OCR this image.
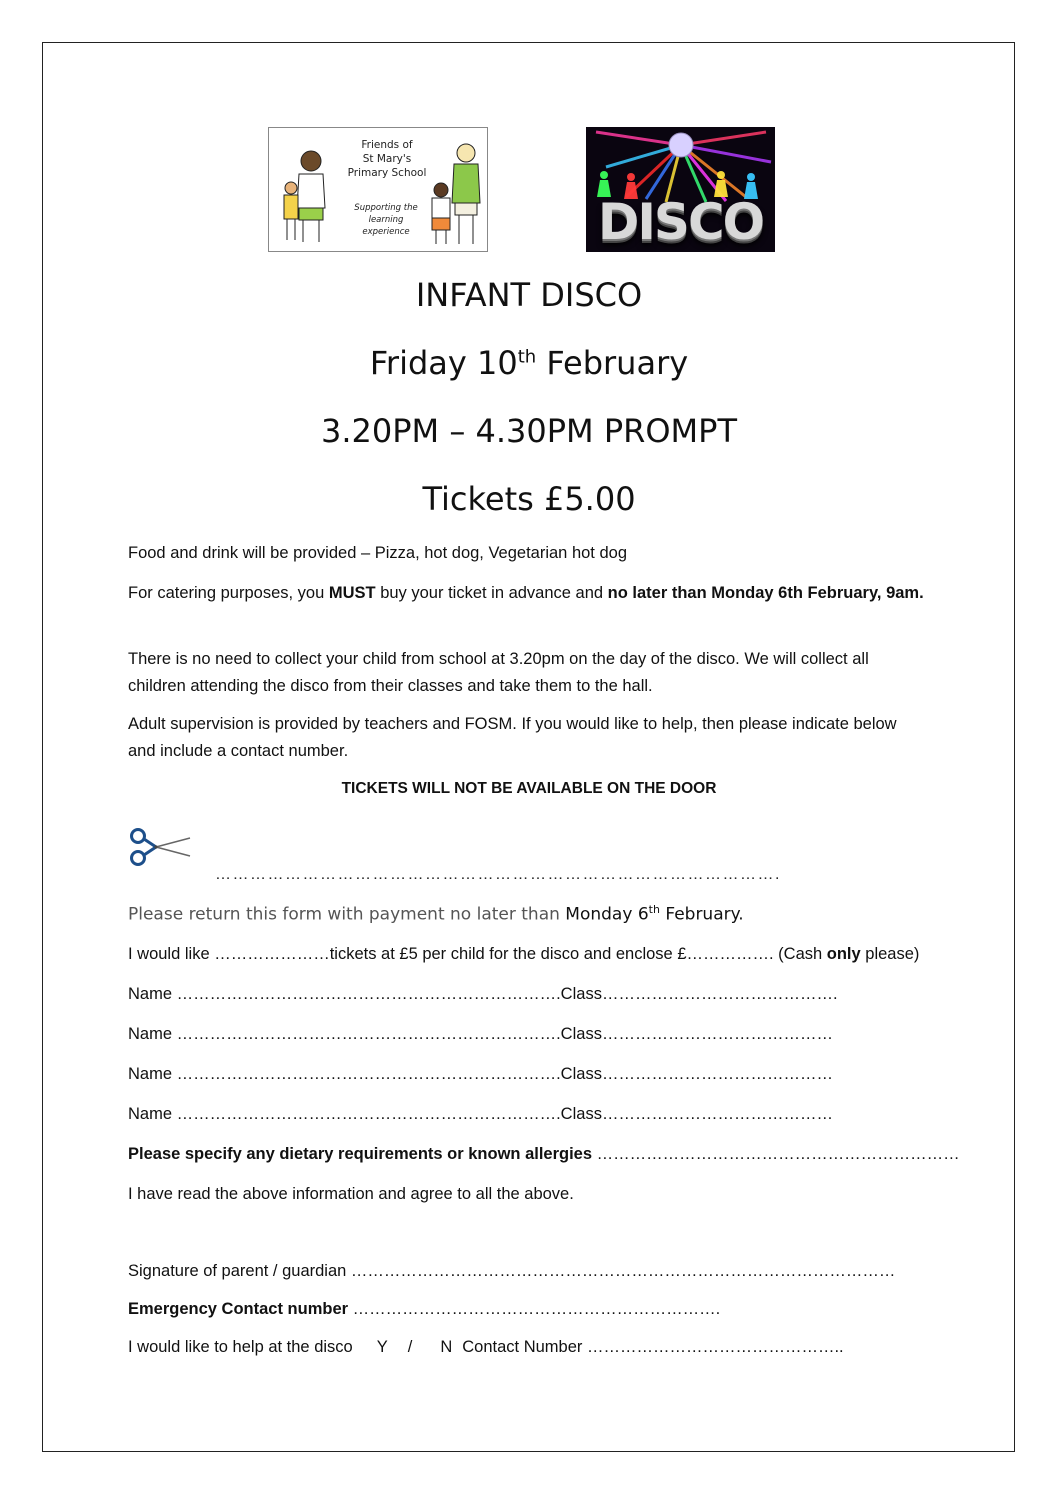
Friends of
St Mary's
Primary School
Supporting the
learning experience	DISCO
INFANT DISCO
Friday 10th February
3.20PM – 4.30PM PROMPT
Tickets £5.00
Food and drink will be provided – Pizza, hot dog, Vegetarian hot dog
For catering purposes, you MUST buy your ticket in advance and no later than Monday 6th February, 9am.
There is no need to collect your child from school at 3.20pm on the day of the disco. We will collect all children attending the disco from their classes and take them to the hall.
Adult supervision is provided by teachers and FOSM. If you would like to help, then please indicate below and include a contact number.
TICKETS WILL NOT BE AVAILABLE ON THE DOOR
…………………………………………………………………………………….
Please return this form with payment no later than Monday 6th February.
I would like …………………tickets at £5 per child for the disco and enclose £……………. (Cash only please)
Name …………………………………………………………….Class…………………………………….
Name …………………………………………………………….Class……………………………………
Name …………………………………………………………….Class……………………………………
Name …………………………………………………………….Class……………………………………
Please specify any dietary requirements or known allergies …………………………………………………………
I have read the above information and agree to all the above.
Signature of parent / guardian ………………………………………………………………………………………
Emergency Contact number ………………………………………………………….
I would like to help at the disco Y / N Contact Number ………………………………………..
